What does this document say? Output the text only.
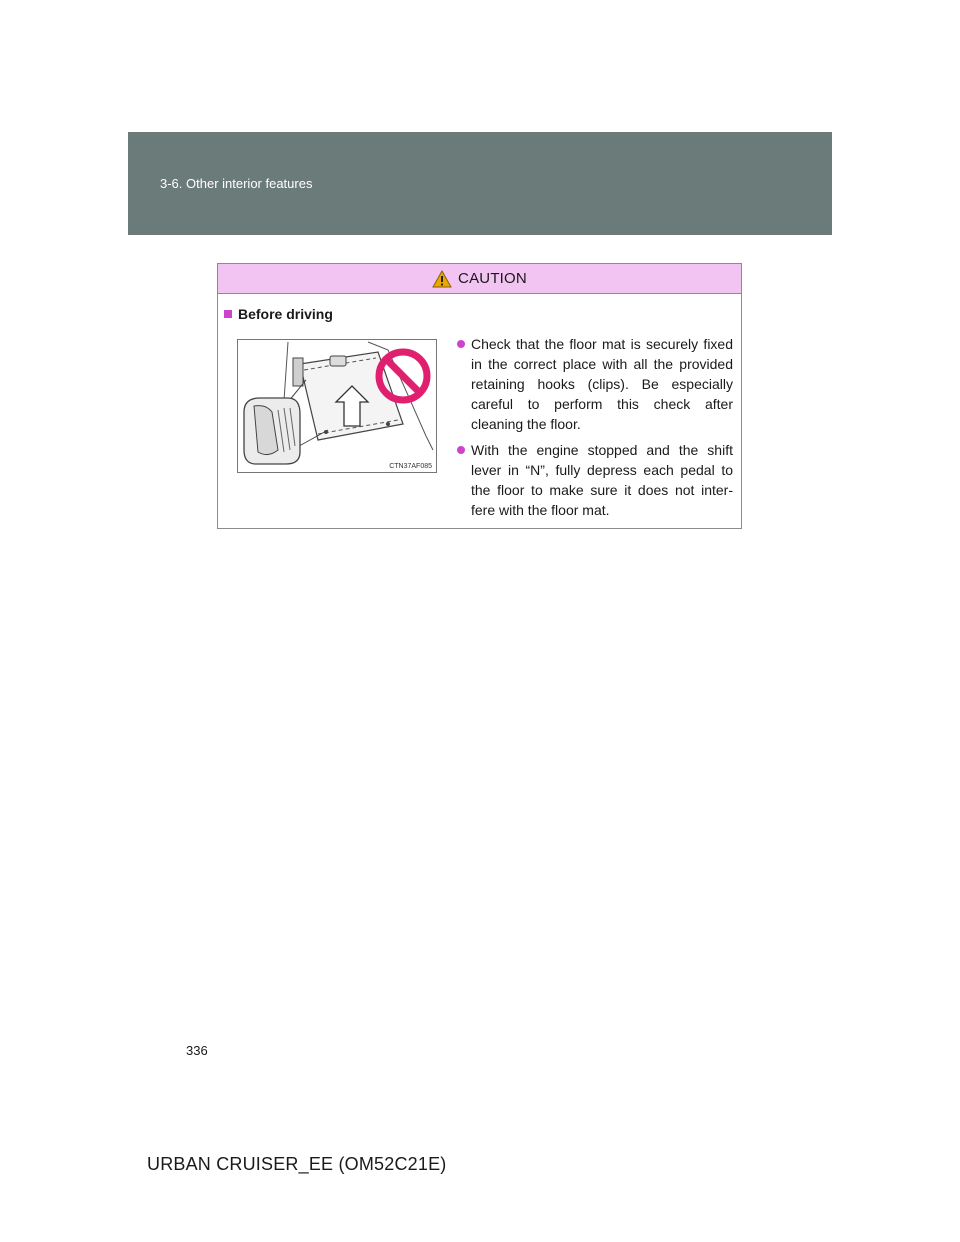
3-6. Other interior features
CAUTION
Before driving
CTN37AF085
Check that the floor mat is securely fixed in the correct place with all the provided retaining hooks (clips). Be especially careful to perform this check after cleaning the floor.
With the engine stopped and the shift lever in “N”, fully depress each pedal to the floor to make sure it does not inter-fere with the floor mat.
336
URBAN CRUISER_EE (OM52C21E)
